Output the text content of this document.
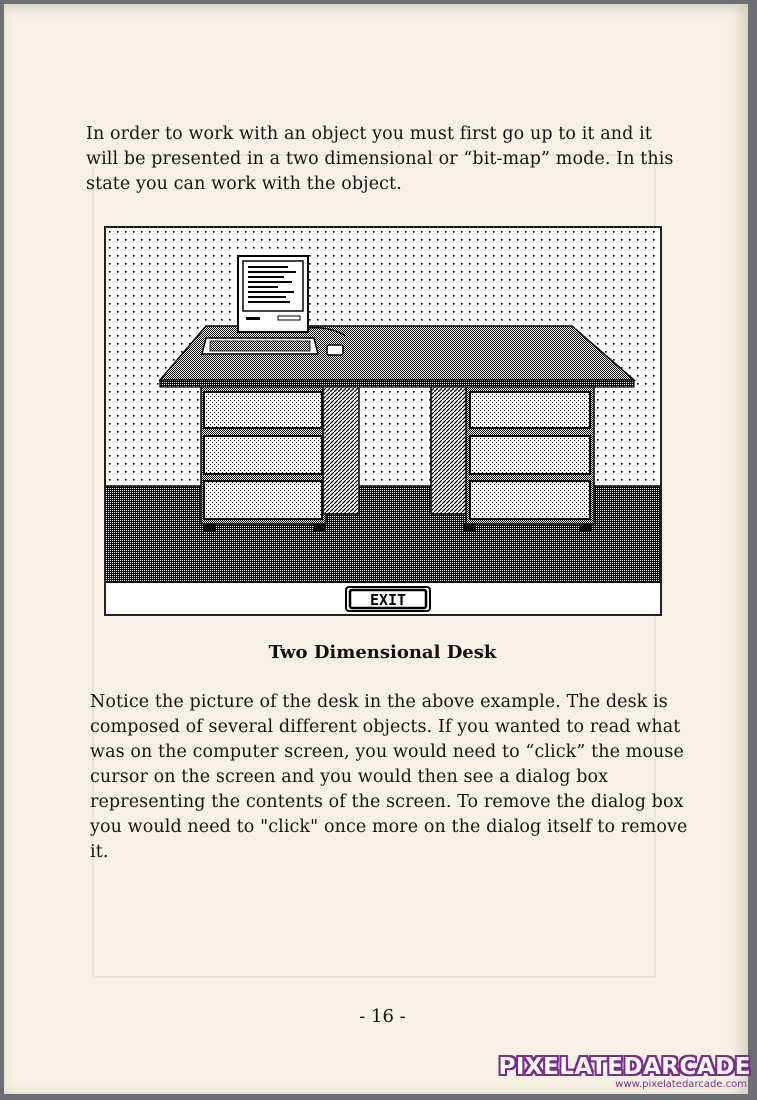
In order to work with an object you must first go up to it and it will be presented in a two dimensional or “bit-map” mode. In this state you can work with the object.

EXIT
Two Dimensional Desk

Notice the picture of the desk in the above example. The desk is composed of several different objects. If you wanted to read what was on the computer screen, you would need to “click” the mouse cursor on the screen and you would then see a dialog box representing the contents of the screen. To remove the dialog box you would need to "click" once more on the dialog itself to remove it.

- 16 -
PIXELATEDARCADE
www.pixelatedarcade.com
